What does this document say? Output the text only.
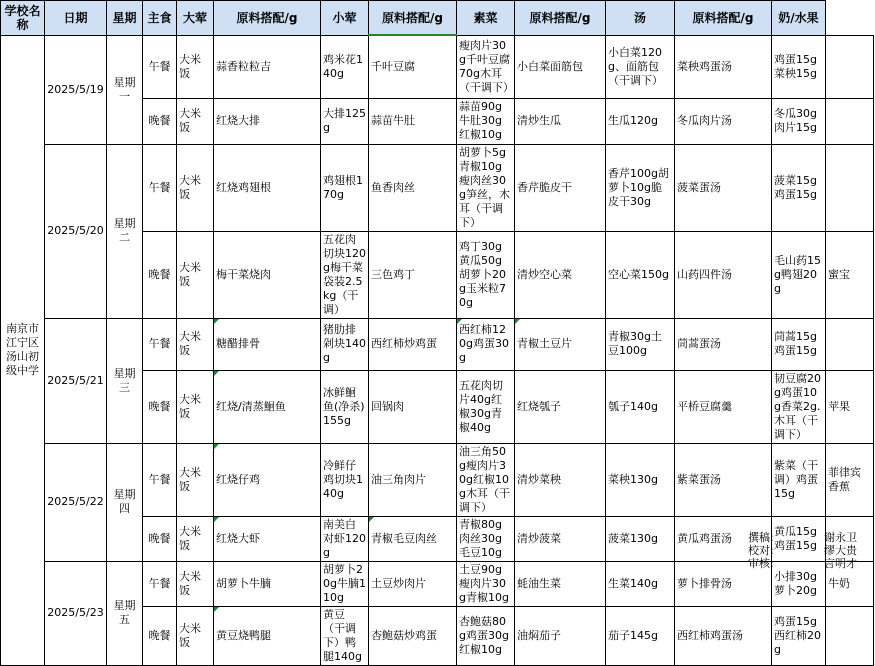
学校名称	日期	星期	主食	大荤	原料搭配/g	小荤	原料搭配/g	素菜	原料搭配/g	汤	原料搭配/g	奶/水果	
南京市江宁区汤山初级中学	2025/5/19	星期一	午餐	大米饭	蒜香粒粒吉	鸡米花140g	千叶豆腐	瘦肉片30g千叶豆腐70g木耳（干调下）	小白菜面筋包	小白菜120g、面筋包（干调下）	菜秧鸡蛋汤	鸡蛋15g菜秧15g	
			晚餐	大米饭	红烧大排	大排125g	蒜苗牛肚	蒜苗90g牛肚30g红椒10g	清炒生瓜	生瓜120g	冬瓜肉片汤	冬瓜30g肉片15g	
	2025/5/20	星期二	午餐	大米饭	红烧鸡翅根	鸡翅根170g	鱼香肉丝	胡萝卜5g青椒10g瘦肉丝30g笋丝，木耳（干调下）	香芹脆皮干	香芹100g胡萝卜10g脆皮干30g	菠菜蛋汤	菠菜15g鸡蛋15g	
			晚餐	大米饭	梅干菜烧肉	五花肉切块120g梅干菜袋装2.5kg（干调）	三色鸡丁	鸡丁30g黄瓜50g胡萝卜20g玉米粒70g	清炒空心菜	空心菜150g	山药四件汤	毛山药15g鸭翅20g	蜜宝
	2025/5/21	星期三	午餐	大米饭	糖醋排骨	猪肋排剁块140g	西红柿炒鸡蛋	西红柿120g鸡蛋30g	青椒土豆片	青椒30g土豆100g	茼蒿蛋汤	茼蒿15g鸡蛋15g	
			晚餐	大米饭	红烧/清蒸鮰鱼	冰鲜鮰鱼(净杀)155g	回锅肉	五花肉切片40g红椒30g青椒40g	红烧瓠子	瓠子140g	平桥豆腐羹	韧豆腐20g鸡蛋10g香菜2g.木耳（干调下）	苹果
	2025/5/22	星期四	午餐	大米饭	红烧仔鸡	冷鲜仔鸡切块140g	油三角肉片	油三角50g瘦肉片30g红椒10g木耳（干调下）	清炒菜秧	菜秧130g	紫菜蛋汤	紫菜（干调）鸡蛋15g	菲律宾香蕉
			晚餐	大米饭	红烧大虾	南美白对虾120g	青椒毛豆肉丝	青椒80g肉丝30g毛豆10g	清炒菠菜	菠菜130g	黄瓜鸡蛋汤	黄瓜15g鸡蛋15g	
	2025/5/23	星期五	午餐	大米饭	胡萝卜牛腩	胡萝卜20g牛腩110g	土豆炒肉片	土豆90g瘦肉片30g青椒10g	蚝油生菜	生菜140g	萝卜排骨汤	小排30g萝卜20g	牛奶
			晚餐	大米饭	黄豆烧鸭腿	黄豆（干调下）鸭腿140g	杏鲍菇炒鸡蛋	杏鲍菇80g鸡蛋30g红椒10g	油焖茄子	茄子145g	西红柿鸡蛋汤	鸡蛋15g西红柿20g	
撰稿:	谢永卫
校对:	缪大贵
审核:	言明才
